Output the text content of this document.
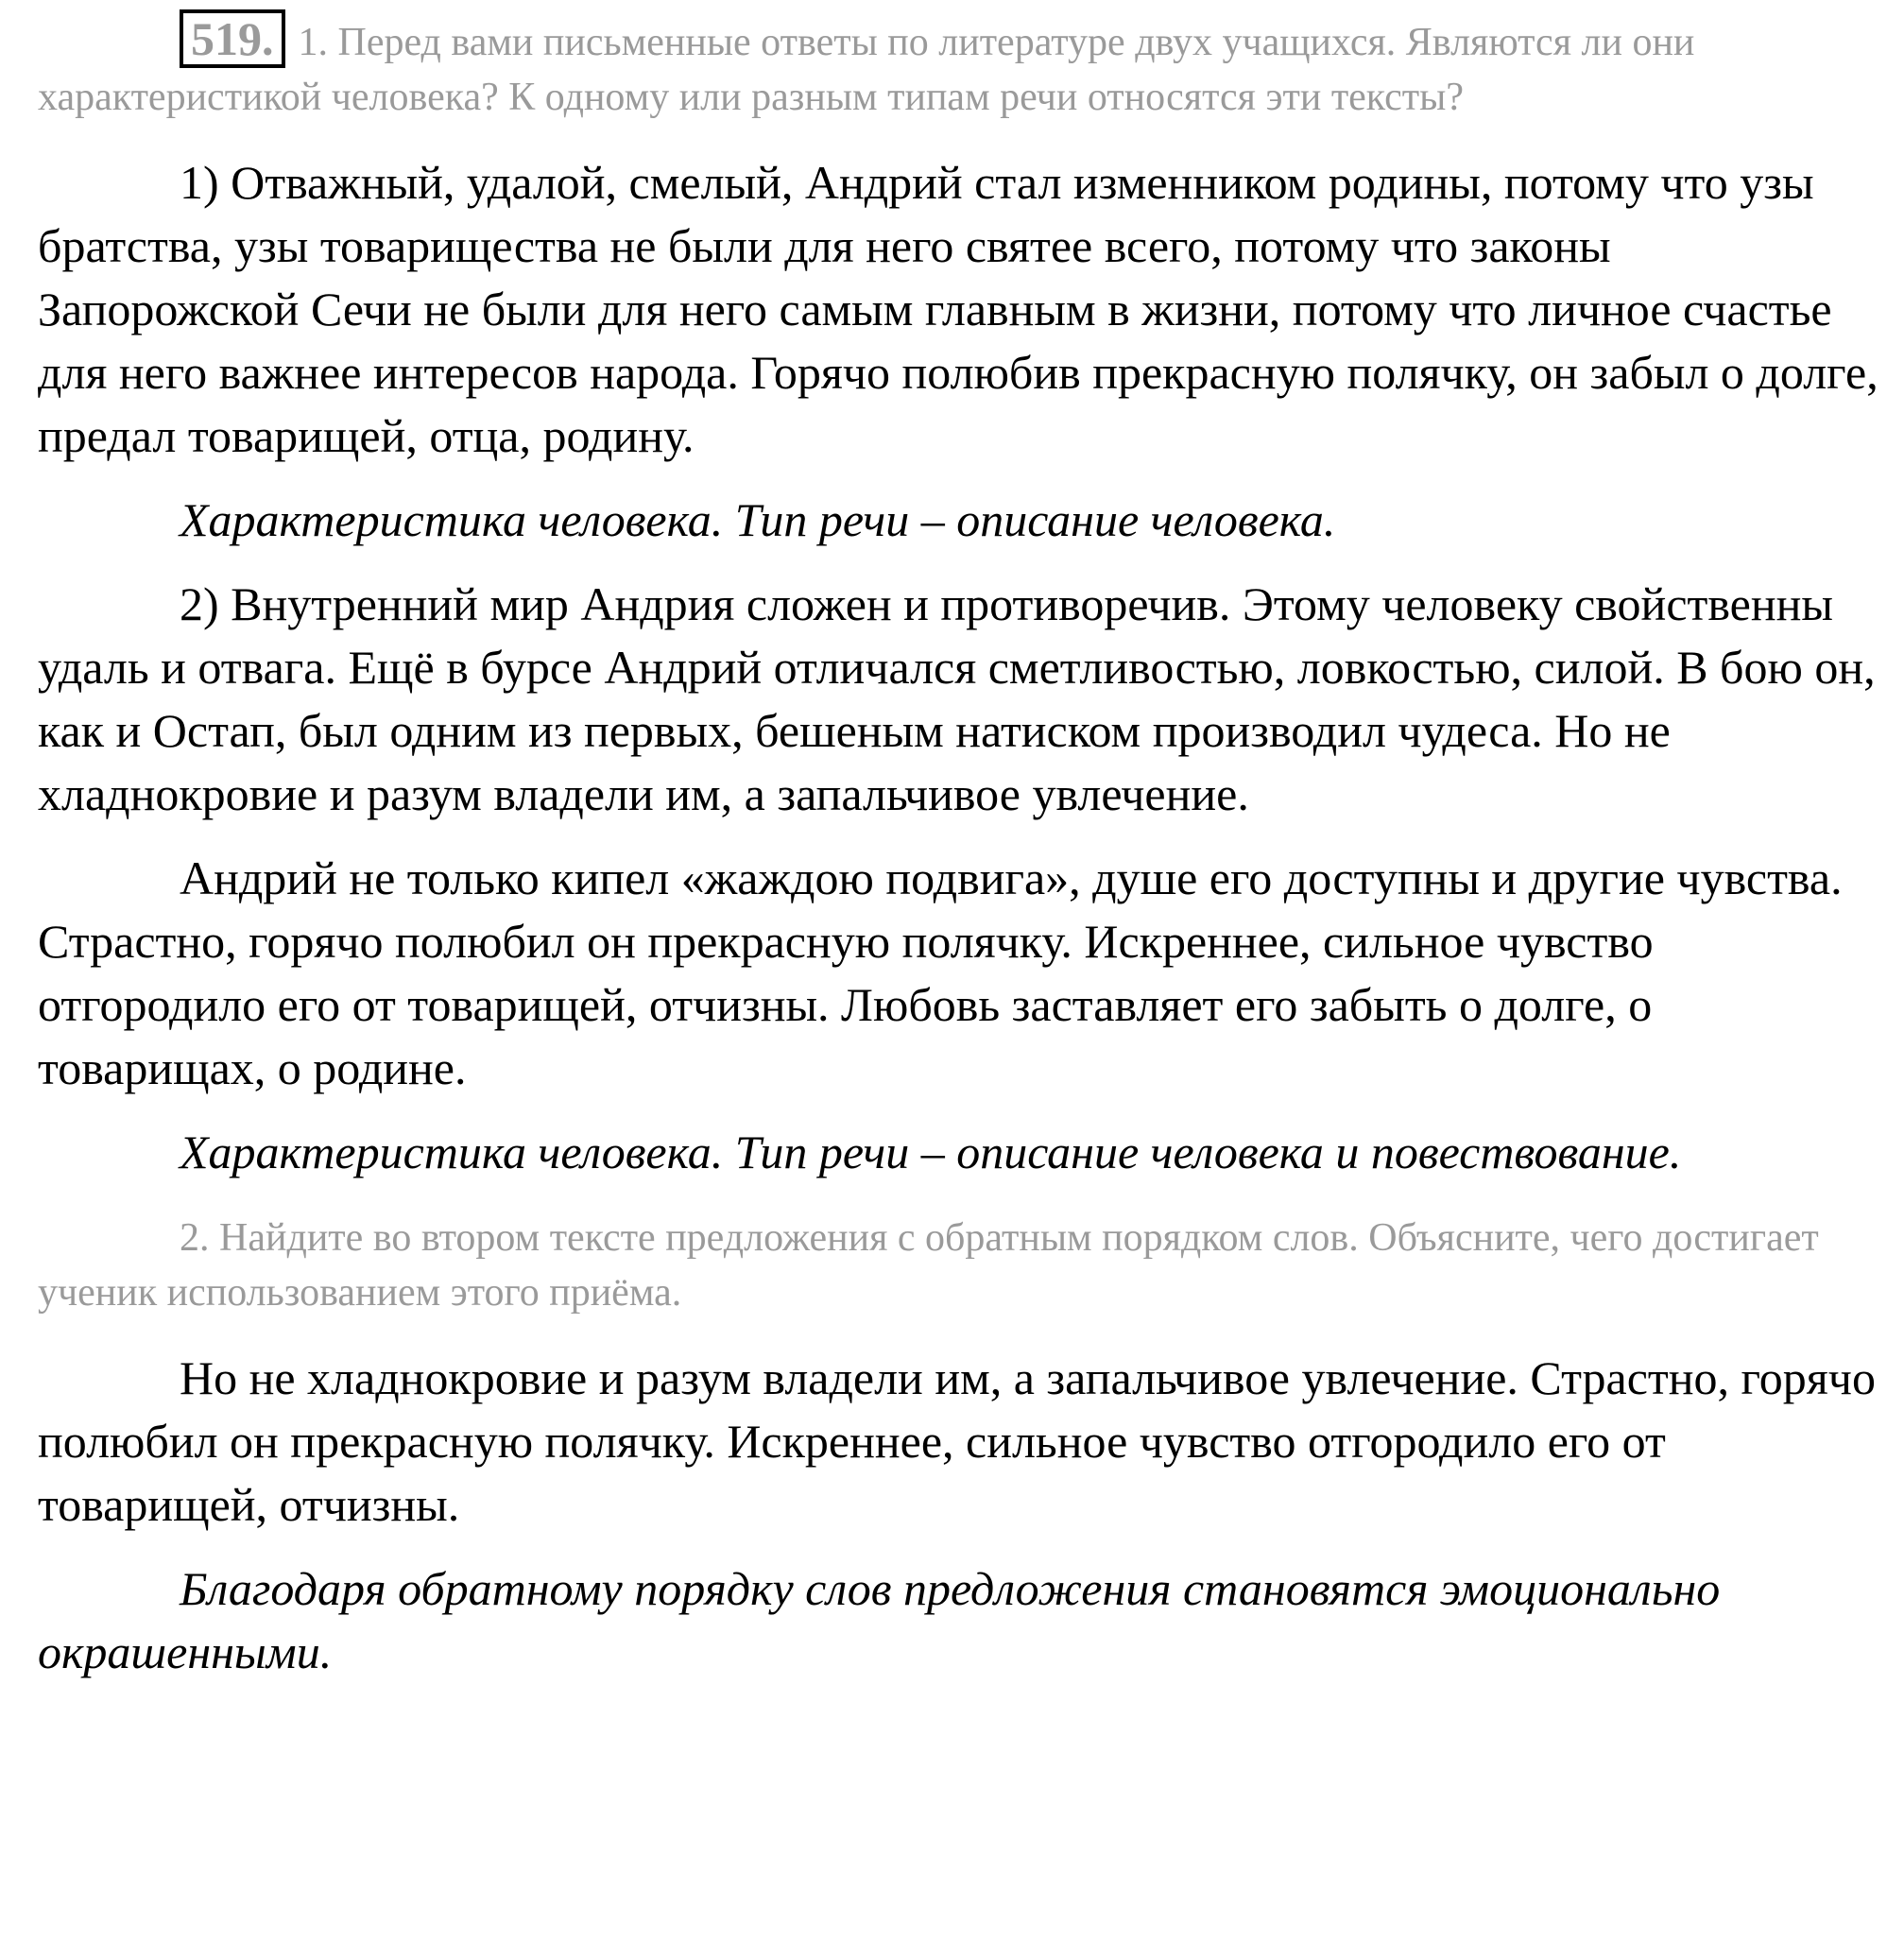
519. 1. Перед вами письменные ответы по литературе двух учащихся. Являются ли они характеристикой человека? К одному или разным типам речи относятся эти тексты?

1) Отважный, удалой, смелый, Андрий стал изменником родины, потому что узы братства, узы товарищества не были для него святее всего, потому что законы Запорожской Сечи не были для него самым главным в жизни, потому что личное счастье для него важнее интересов народа. Горячо полюбив прекрасную полячку, он забыл о долге, предал товарищей, отца, родину.

Характеристика человека. Тип речи – описание человека.

2) Внутренний мир Андрия сложен и противоречив. Этому человеку свойственны удаль и отвага. Ещё в бурсе Андрий отличался сметливостью, ловкостью, силой. В бою он, как и Остап, был одним из первых, бешеным натиском производил чудеса. Но не хладнокровие и разум владели им, а запальчивое увлечение.

Андрий не только кипел «жаждою подвига», душе его доступны и другие чувства. Страстно, горячо полюбил он прекрасную полячку. Искреннее, сильное чувство отгородило его от товарищей, отчизны. Любовь заставляет его забыть о долге, о товарищах, о родине.

Характеристика человека. Тип речи – описание человека и повествование.

2. Найдите во втором тексте предложения с обратным порядком слов. Объясните, чего достигает ученик использованием этого приёма.

Но не хладнокровие и разум владели им, а запальчивое увлечение. Страстно, горячо полюбил он прекрасную полячку. Искреннее, сильное чувство отгородило его от товарищей, отчизны.

Благодаря обратному порядку слов предложения становятся эмоционально окрашенными.
